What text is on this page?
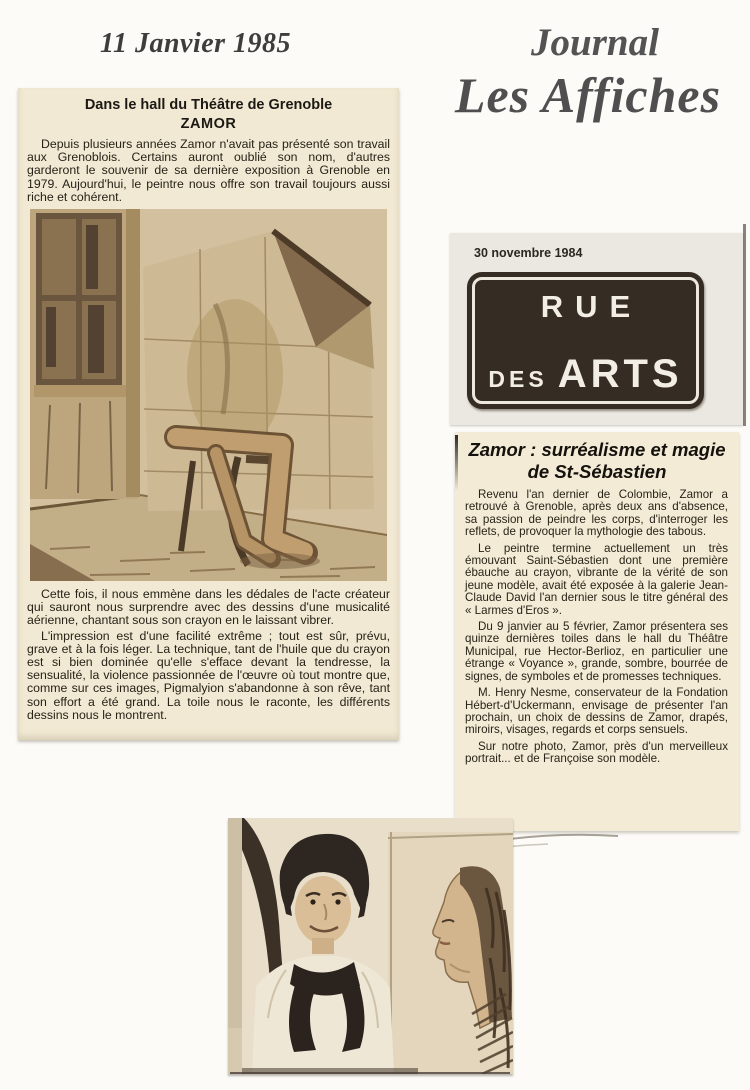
11 Janvier 1985	Journal
Les Affiches
Dans le hall du Théâtre de Grenoble
ZAMOR

Depuis plusieurs années Zamor n'avait pas présenté son travail aux Grenoblois. Certains auront oublié son nom, d'autres garderont le souvenir de sa dernière exposition à Grenoble en 1979. Aujourd'hui, le peintre nous offre son travail toujours aussi riche et cohérent.

Cette fois, il nous emmène dans les dédales de l'acte créateur qui sauront nous surprendre avec des dessins d'une musicalité aérienne, chantant sous son crayon en le laissant vibrer.

L'impression est d'une facilité extrême ; tout est sûr, prévu, grave et à la fois léger. La technique, tant de l'huile que du crayon est si bien dominée qu'elle s'efface devant la tendresse, la sensualité, la violence passionnée de l'œuvre où tout montre que, comme sur ces images, Pigmalyion s'abandonne à son rêve, tant son effort a été grand. La toile nous le raconte, les différents dessins nous le montrent.

30 novembre 1984
RUE
DES ARTS
Zamor : surréalisme et magie
de St-Sébastien

Revenu l'an dernier de Colombie, Zamor a retrouvé à Grenoble, après deux ans d'absence, sa passion de peindre les corps, d'interroger les reflets, de provoquer la mythologie des tabous.

Le peintre termine actuellement un très émouvant Saint-Sébastien dont une première ébauche au crayon, vibrante de la vérité de son jeune modèle, avait été exposée à la galerie Jean-Claude David l'an dernier sous le titre général des « Larmes d'Eros ».

Du 9 janvier au 5 février, Zamor présentera ses quinze dernières toiles dans le hall du Théâtre Municipal, rue Hector-Berlioz, en particulier une étrange « Voyance », grande, sombre, bourrée de signes, de symboles et de promesses techniques.

M. Henry Nesme, conservateur de la Fondation Hébert-d'Uckermann, envisage de présenter l'an prochain, un choix de dessins de Zamor, drapés, miroirs, visages, regards et corps sensuels.

Sur notre photo, Zamor, près d'un merveilleux portrait... et de Françoise son modèle.
